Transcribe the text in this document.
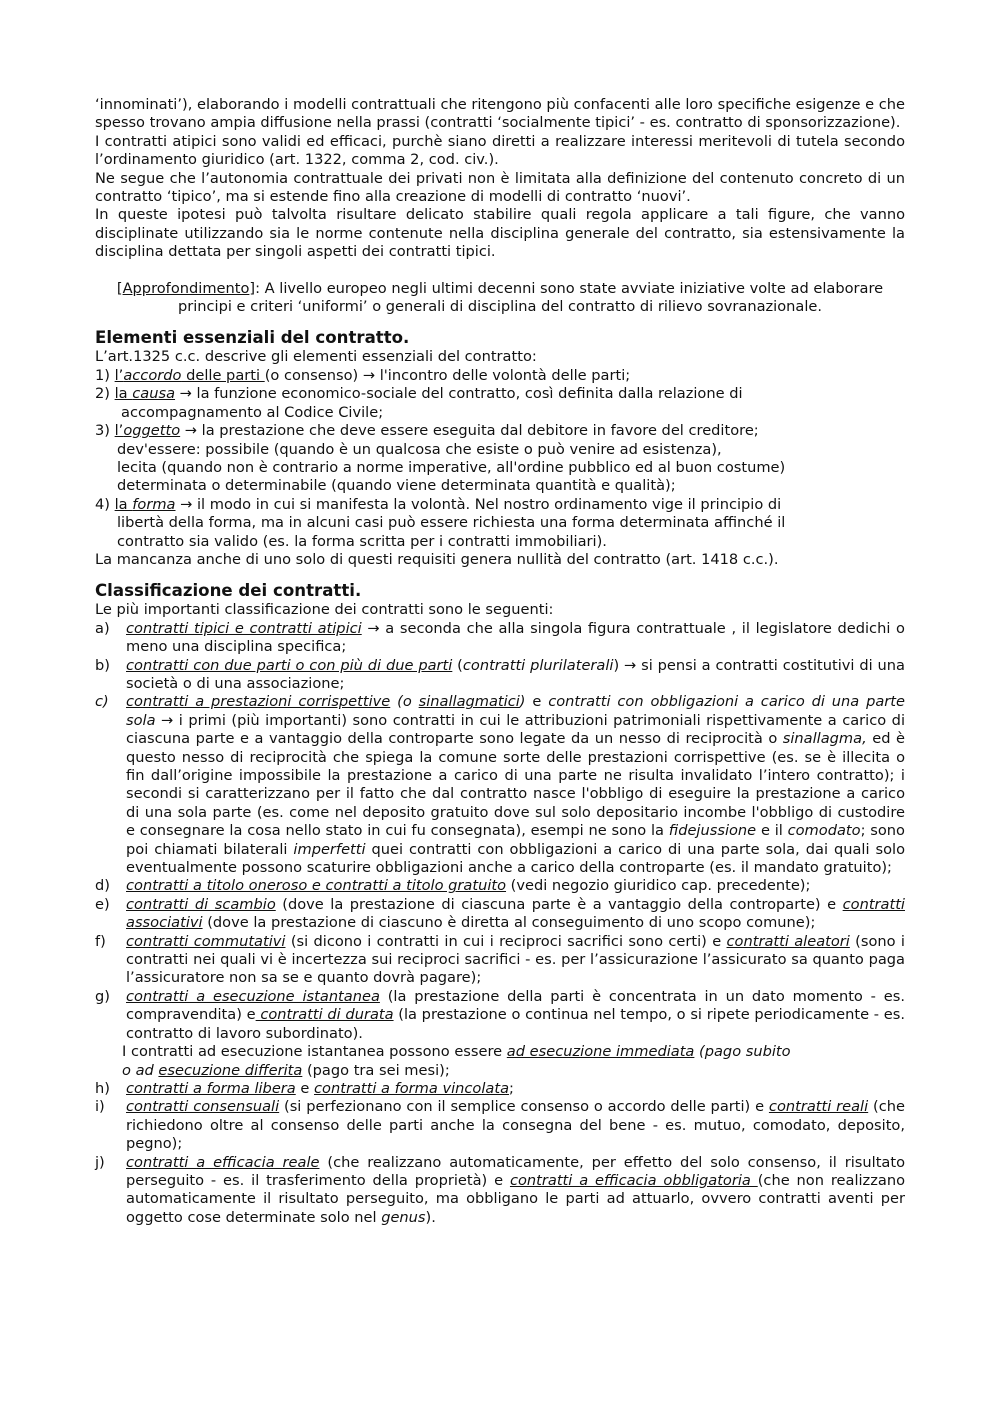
‘innominati’), elaborando i modelli contrattuali che ritengono più confacenti alle loro specifiche esigenze e che spesso trovano ampia diffusione nella prassi (contratti ‘socialmente tipici’ - es. contratto di sponsorizzazione).

I contratti atipici sono validi ed efficaci, purchè siano diretti a realizzare interessi meritevoli di tutela secondo l’ordinamento giuridico (art. 1322, comma 2, cod. civ.).

Ne segue che l’autonomia contrattuale dei privati non è limitata alla definizione del contenuto concreto di un contratto ‘tipico’, ma si estende fino alla creazione di modelli di contratto ‘nuovi’.

In queste ipotesi può talvolta risultare delicato stabilire quali regola applicare a tali figure, che vanno disciplinate utilizzando sia le norme contenute nella disciplina generale del contratto, sia estensivamente la disciplina dettata per singoli aspetti dei contratti tipici.

[Approfondimento]: A livello europeo negli ultimi decenni sono state avviate iniziative volte ad elaborare

principi e criteri ‘uniformi’ o generali di disciplina del contratto di rilievo sovranazionale.

Elementi essenziali del contratto.

L’art.1325 c.c. descrive gli elementi essenziali del contratto:

1) l’accordo delle parti (o consenso) → l'incontro delle volontà delle parti;

2) la causa → la funzione economico-sociale del contratto, così definita dalla relazione di

accompagnamento al Codice Civile;

3) l’oggetto → la prestazione che deve essere eseguita dal debitore in favore del creditore;

dev'essere: possibile (quando è un qualcosa che esiste o può venire ad esistenza),

lecita (quando non è contrario a norme imperative, all'ordine pubblico ed al buon costume)

determinata o determinabile (quando viene determinata quantità e qualità);

4) la forma → il modo in cui si manifesta la volontà. Nel nostro ordinamento vige il principio di

libertà della forma, ma in alcuni casi può essere richiesta una forma determinata affinché il

contratto sia valido (es. la forma scritta per i contratti immobiliari).

La mancanza anche di uno solo di questi requisiti genera nullità del contratto (art. 1418 c.c.).

Classificazione dei contratti.

Le più importanti classificazione dei contratti sono le seguenti:

a) contratti tipici e contratti atipici → a seconda che alla singola figura contrattuale , il legislatore dedichi o meno una disciplina specifica;
b) contratti con due parti o con più di due parti (contratti plurilaterali) → si pensi a contratti costitutivi di una società o di una associazione;
c) contratti a prestazioni corrispettive (o sinallagmatici) e contratti con obbligazioni a carico di una parte sola → i primi (più importanti) sono contratti in cui le attribuzioni patrimoniali rispettivamente a carico di ciascuna parte e a vantaggio della controparte sono legate da un nesso di reciprocità o sinallagma, ed è questo nesso di reciprocità che spiega la comune sorte delle prestazioni corrispettive (es. se è illecita o fin dall’origine impossibile la prestazione a carico di una parte ne risulta invalidato l’intero contratto); i secondi si caratterizzano per il fatto che dal contratto nasce l'obbligo di eseguire la prestazione a carico di una sola parte (es. come nel deposito gratuito dove sul solo depositario incombe l'obbligo di custodire e consegnare la cosa nello stato in cui fu consegnata), esempi ne sono la fidejussione e il comodato; sono poi chiamati bilaterali imperfetti quei contratti con obbligazioni a carico di una parte sola, dai quali solo eventualmente possono scaturire obbligazioni anche a carico della controparte (es. il mandato gratuito);
d) contratti a titolo oneroso e contratti a titolo gratuito (vedi negozio giuridico cap. precedente);
e) contratti di scambio (dove la prestazione di ciascuna parte è a vantaggio della controparte) e contratti associativi (dove la prestazione di ciascuno è diretta al conseguimento di uno scopo comune);
f) contratti commutativi (si dicono i contratti in cui i reciproci sacrifici sono certi) e contratti aleatori (sono i contratti nei quali vi è incertezza sui reciproci sacrifici - es. per l’assicurazione l’assicurato sa quanto paga l’assicuratore non sa se e quanto dovrà pagare);
g) contratti a esecuzione istantanea (la prestazione della parti è concentrata in un dato momento - es. compravendita) e contratti di durata (la prestazione o continua nel tempo, o si ripete periodicamente - es. contratto di lavoro subordinato).

I contratti ad esecuzione istantanea possono essere ad esecuzione immediata (pago subito

o ad esecuzione differita (pago tra sei mesi);

h) contratti a forma libera e contratti a forma vincolata;
i) contratti consensuali (si perfezionano con il semplice consenso o accordo delle parti) e contratti reali (che richiedono oltre al consenso delle parti anche la consegna del bene - es. mutuo, comodato, deposito, pegno);
j) contratti a efficacia reale (che realizzano automaticamente, per effetto del solo consenso, il risultato perseguito - es. il trasferimento della proprietà) e contratti a efficacia obbligatoria (che non realizzano automaticamente il risultato perseguito, ma obbligano le parti ad attuarlo, ovvero contratti aventi per oggetto cose determinate solo nel genus).
